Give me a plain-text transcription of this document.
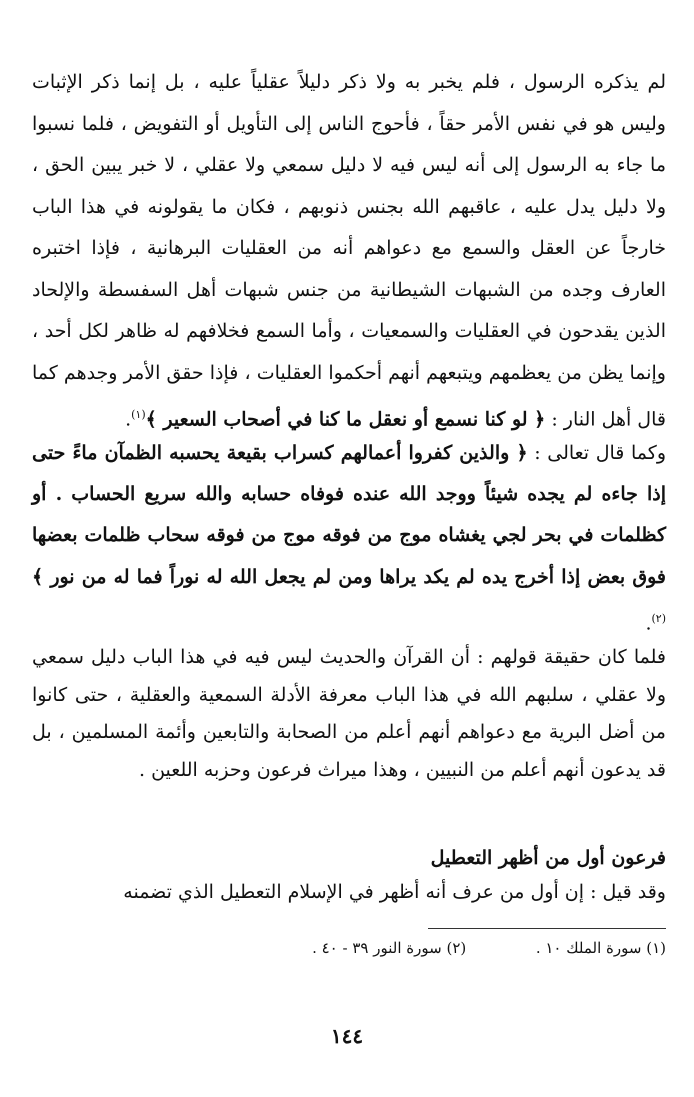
لم يذكره الرسول ، فلم يخبر به ولا ذكر دليلاً عقلياً عليه ، بل إنما ذكر الإثبات وليس هو في نفس الأمر حقاً ، فأحوج الناس إلى التأويل أو التفويض ، فلما نسبوا ما جاء به الرسول إلى أنه ليس فيه لا دليل سمعي ولا عقلي ، لا خبر يبين الحق ، ولا دليل يدل عليه ، عاقبهم الله بجنس ذنوبهم ، فكان ما يقولونه في هذا الباب خارجاً عن العقل والسمع مع دعواهم أنه من العقليات البرهانية ، فإذا اختبره العارف وجده من الشبهات الشيطانية من جنس شبهات أهل السفسطة والإلحاد الذين يقدحون في العقليات والسمعيات ، وأما السمع فخلافهم له ظاهر لكل أحد ، وإنما يظن من يعظمهم ويتبعهم أنهم أحكموا العقليات ، فإذا حقق الأمر وجدهم كما قال أهل النار : ﴿ لو كنا نسمع أو نعقل ما كنا في أصحاب السعير ﴾$^{(١)}$.

وكما قال تعالى : ﴿ والذين كفروا أعمالهم كسراب بقيعة يحسبه الظمآن ماءً حتى إذا جاءه لم يجده شيئاً ووجد الله عنده فوفاه حسابه والله سريع الحساب . أو كظلمات في بحر لجي يغشاه موج من فوقه موج من فوقه سحاب ظلمات بعضها فوق بعض إذا أخرج يده لم يكد يراها ومن لم يجعل الله له نوراً فما له من نور ﴾$^{(٢)}$.

فلما كان حقيقة قولهم : أن القرآن والحديث ليس فيه في هذا الباب دليل سمعي ولا عقلي ، سلبهم الله في هذا الباب معرفة الأدلة السمعية والعقلية ، حتى كانوا من أضل البرية مع دعواهم أنهم أعلم من الصحابة والتابعين وأئمة المسلمين ، بل قد يدعون أنهم أعلم من النبيين ، وهذا ميراث فرعون وحزبه اللعين .

فرعون أول من أظهر التعطيل

وقد قيل : إن أول من عرف أنه أظهر في الإسلام التعطيل الذي تضمنه

(١) سورة الملك ١٠ .  (٢) سورة النور ٣٩ - ٤٠ .
١٤٤
